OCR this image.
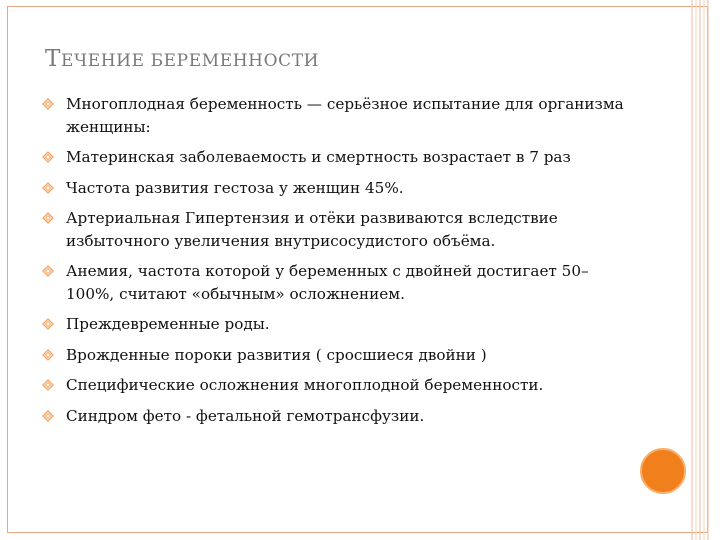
ТЕЧЕНИЕ БЕРЕМЕННОСТИ
Многоплодная беременность — серьёзное испытание для организма женщины:
Материнская заболеваемость и смертность возрастает в 7 раз
Частота развития гестоза у женщин 45%.
Артериальная Гипертензия и отёки развиваются вследствие избыточного увеличения внутрисосудистого объёма.
Анемия, частота которой у беременных с двойней достигает 50–100%, считают «обычным» осложнением.
Преждевременные роды.
Врожденные пороки развития ( сросшиеся двойни )
Специфические осложнения многоплодной беременности.
Синдром фето - фетальной гемотрансфузии.
